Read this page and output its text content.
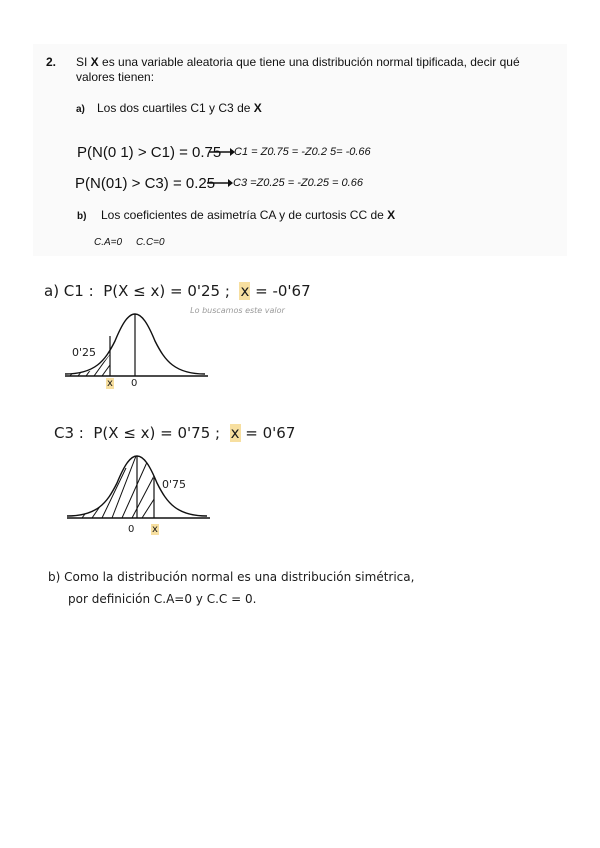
2. SI X es una variable aleatoria que tiene una distribución normal tipificada, decir qué valores tienen:
a) Los dos cuartiles C1 y C3 de X
P(N(0 1) > C1) = 0.75 C1 = Z0.75 = -Z0.2 5= -0.66
P(N(01) > C3) = 0.25 C3 =Z0.25 = -Z0.25 = 0.66
b) Los coeficientes de asimetría CA y de curtosis CC de X
C.A=0     C.C=0
a) C1 : P(X ≤ x) = 0'25 ; x = -0'67
Lo buscamos este valor
0'25
x 0
C3 : P(X ≤ x) = 0'75 ; x = 0'67
0'75
0 x
b) Como la distribución normal es una distribución simétrica,
por definición C.A=0 y C.C = 0.
